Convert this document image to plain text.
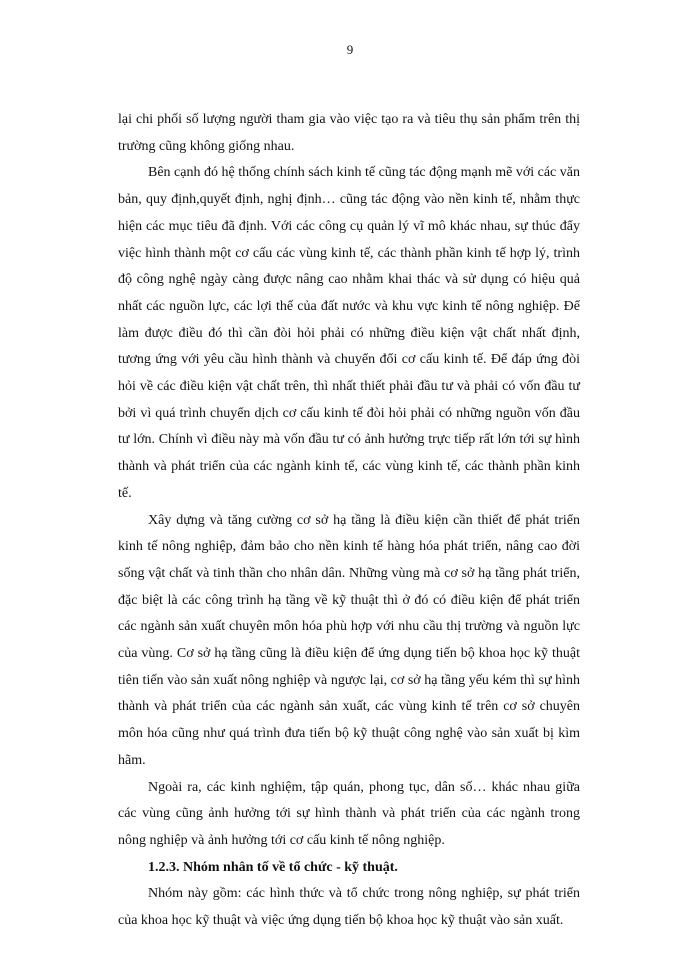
9

lại chi phối số lượng người tham gia vào việc tạo ra và tiêu thụ sản phẩm trên thị trường cũng không giống nhau.

Bên cạnh đó hệ thống chính sách kinh tế cũng tác động mạnh mẽ với các văn bản, quy định,quyết định, nghị định… cũng tác động vào nền kinh tế, nhằm thực hiện các mục tiêu đã định. Với các công cụ quản lý vĩ mô khác nhau, sự thúc đẩy việc hình thành một cơ cấu các vùng kinh tế, các thành phần kinh tế hợp lý, trình độ công nghệ ngày càng được nâng cao nhằm khai thác và sử dụng có hiệu quả nhất các nguồn lực, các lợi thế của đất nước và khu vực kinh tế nông nghiệp. Để làm được điều đó thì cần đòi hỏi phải có những điều kiện vật chất nhất định, tương ứng với yêu cầu hình thành và chuyển đổi cơ cấu kinh tế. Để đáp ứng đòi hỏi về các điều kiện vật chất trên, thì nhất thiết phải đầu tư và phải có vốn đầu tư bởi vì quá trình chuyển dịch cơ cấu kinh tế đòi hỏi phải có những nguồn vốn đầu tư lớn. Chính vì điều này mà vốn đầu tư có ảnh hưởng trực tiếp rất lớn tới sự hình thành và phát triển của các ngành kinh tế, các vùng kinh tế, các thành phần kinh tế.

Xây dựng và tăng cường cơ sở hạ tầng là điều kiện cần thiết để phát triển kinh tế nông nghiệp, đảm bảo cho nền kinh tế hàng hóa phát triển, nâng cao đời sống vật chất và tinh thần cho nhân dân. Những vùng mà cơ sở hạ tầng phát triển, đặc biệt là các công trình hạ tầng về kỹ thuật thì ở đó có điều kiện để phát triển các ngành sản xuất chuyên môn hóa phù hợp với nhu cầu thị trường và nguồn lực của vùng. Cơ sở hạ tầng cũng là điều kiện để ứng dụng tiến bộ khoa học kỹ thuật tiên tiến vào sản xuất nông nghiệp và ngược lại, cơ sở hạ tầng yếu kém thì sự hình thành và phát triển của các ngành sản xuất, các vùng kinh tế trên cơ sở chuyên môn hóa cũng như quá trình đưa tiến bộ kỹ thuật công nghệ vào sản xuất bị kìm hãm.

Ngoài ra, các kinh nghiệm, tập quán, phong tục, dân số… khác nhau giữa các vùng cũng ảnh hưởng tới sự hình thành và phát triển của các ngành trong nông nghiệp và ảnh hưởng tới cơ cấu kinh tế nông nghiệp.

1.2.3. Nhóm nhân tố về tổ chức - kỹ thuật.

Nhóm này gồm: các hình thức và tổ chức trong nông nghiệp, sự phát triển của khoa học kỹ thuật và việc ứng dụng tiến bộ khoa học kỹ thuật vào sản xuất.
